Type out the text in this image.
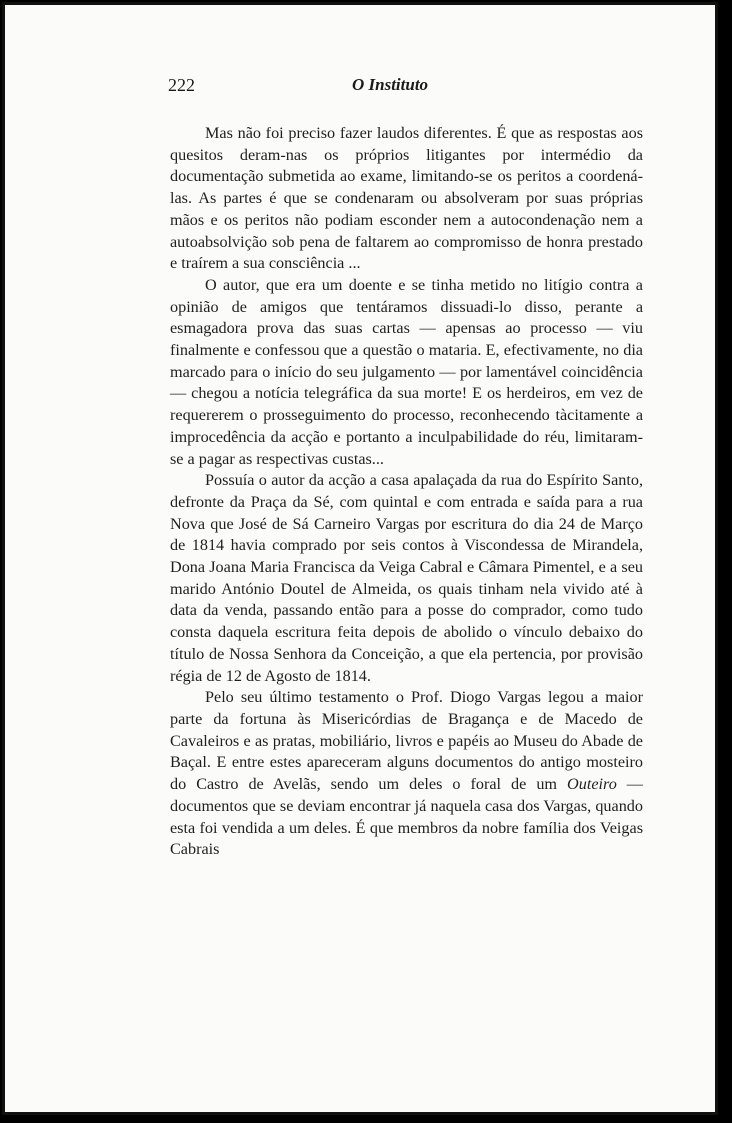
222	O Instituto

Mas não foi preciso fazer laudos diferentes. É que as respostas aos quesitos deram-nas os próprios litigantes por intermédio da documentação submetida ao exame, limitando-se os peritos a coordená-las. As partes é que se condenaram ou absolveram por suas próprias mãos e os peritos não podiam esconder nem a autocondenação nem a autoabsolvição sob pena de faltarem ao compromisso de honra prestado e traírem a sua consciência ...

O autor, que era um doente e se tinha metido no litígio contra a opinião de amigos que tentáramos dissuadi-lo disso, perante a esmagadora prova das suas cartas — apensas ao processo — viu finalmente e confessou que a questão o mataria. E, efectivamente, no dia marcado para o início do seu julgamento — por lamentável coincidência — chegou a notícia telegráfica da sua morte! E os herdeiros, em vez de requererem o prosseguimento do processo, reconhecendo tàcitamente a improcedência da acção e portanto a inculpabilidade do réu, limitaram-se a pagar as respectivas custas...

Possuía o autor da acção a casa apalaçada da rua do Espírito Santo, defronte da Praça da Sé, com quintal e com entrada e saída para a rua Nova que José de Sá Carneiro Vargas por escritura do dia 24 de Março de 1814 havia comprado por seis contos à Viscondessa de Mirandela, Dona Joana Maria Francisca da Veiga Cabral e Câmara Pimentel, e a seu marido António Doutel de Almeida, os quais tinham nela vivido até à data da venda, passando então para a posse do comprador, como tudo consta daquela escritura feita depois de abolido o vínculo debaixo do título de Nossa Senhora da Conceição, a que ela pertencia, por provisão régia de 12 de Agosto de 1814.

Pelo seu último testamento o Prof. Diogo Vargas legou a maior parte da fortuna às Misericórdias de Bragança e de Macedo de Cavaleiros e as pratas, mobiliário, livros e papéis ao Museu do Abade de Baçal. E entre estes apareceram alguns documentos do antigo mosteiro do Castro de Avelãs, sendo um deles o foral de um Outeiro — documentos que se deviam encontrar já naquela casa dos Vargas, quando esta foi vendida a um deles. É que membros da nobre família dos Veigas Cabrais
